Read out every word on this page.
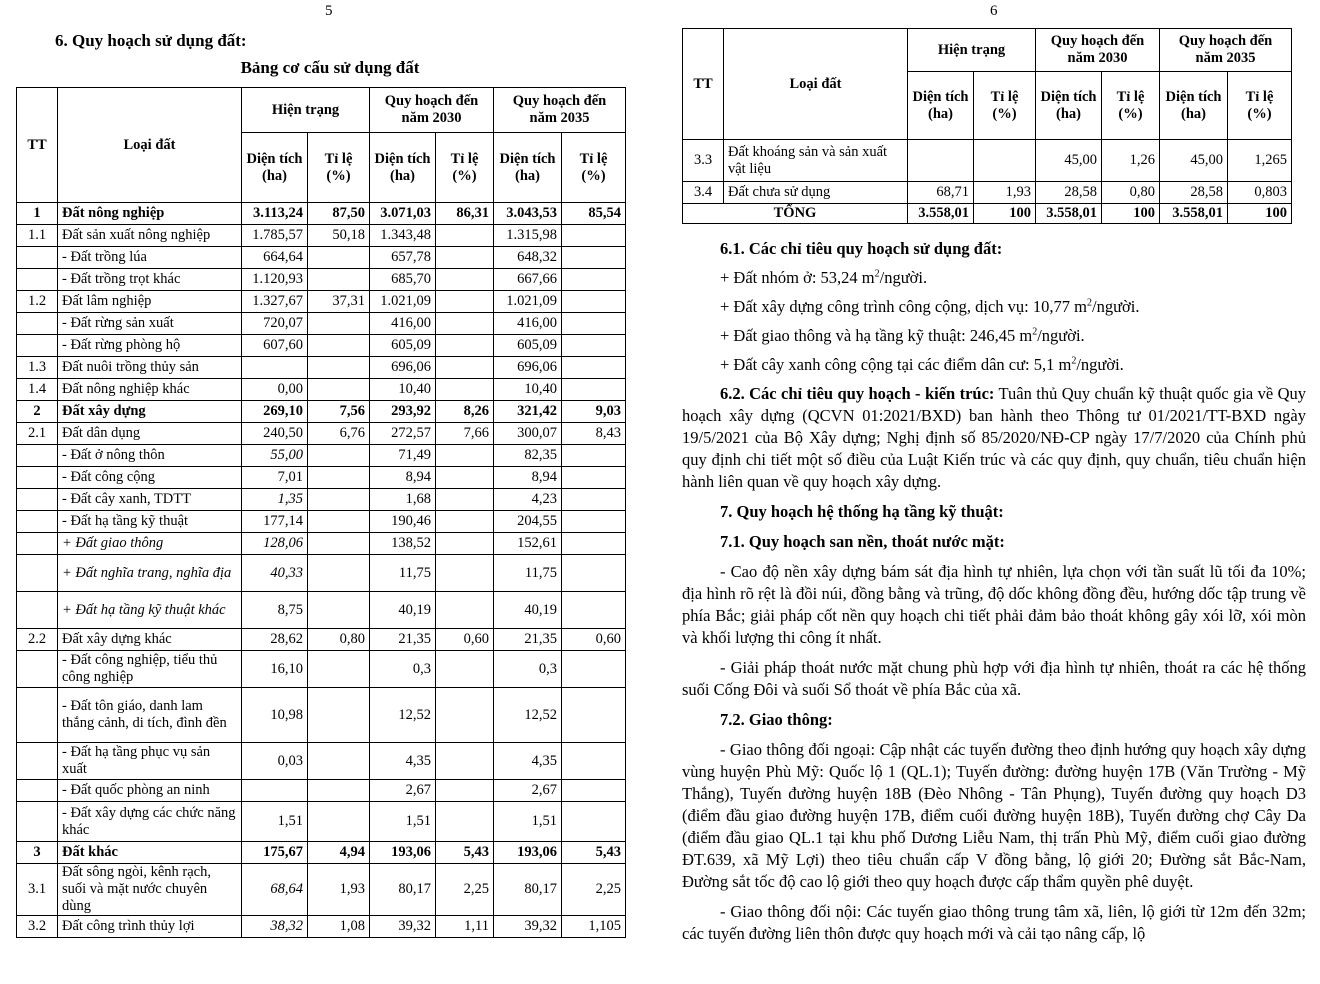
5
6. Quy hoạch sử dụng đất:
Bảng cơ cấu sử dụng đất
TT	Loại đất	Hiện trạng		Quy hoạch đến năm 2030		Quy hoạch đến năm 2035	
		Diện tích (ha)	Tỉ lệ (%)	Diện tích (ha)	Tỉ lệ (%)	Diện tích (ha)	Tỉ lệ (%)
1	Đất nông nghiệp	3.113,24	87,50	3.071,03	86,31	3.043,53	85,54
1.1	Đất sản xuất nông nghiệp	1.785,57	50,18	1.343,48		1.315,98	
	- Đất trồng lúa	664,64		657,78		648,32	
	- Đất trồng trọt khác	1.120,93		685,70		667,66	
1.2	Đất lâm nghiệp	1.327,67	37,31	1.021,09		1.021,09	
	- Đất rừng sản xuất	720,07		416,00		416,00	
	- Đất rừng phòng hộ	607,60		605,09		605,09	
1.3	Đất nuôi trồng thủy sản			696,06		696,06	
1.4	Đất nông nghiệp khác	0,00		10,40		10,40	
2	Đất xây dựng	269,10	7,56	293,92	8,26	321,42	9,03
2.1	Đất dân dụng	240,50	6,76	272,57	7,66	300,07	8,43
	- Đất ở nông thôn	55,00		71,49		82,35	
	- Đất công cộng	7,01		8,94		8,94	
	- Đất cây xanh, TDTT	1,35		1,68		4,23	
	- Đất hạ tầng kỹ thuật	177,14		190,46		204,55	
	+ Đất giao thông	128,06		138,52		152,61	
	+ Đất nghĩa trang, nghĩa địa	40,33		11,75		11,75	
	+ Đất hạ tầng kỹ thuật khác	8,75		40,19		40,19	
2.2	Đất xây dựng khác	28,62	0,80	21,35	0,60	21,35	0,60
	- Đất công nghiệp, tiểu thủ công nghiệp	16,10		0,3		0,3	
	- Đất tôn giáo, danh lam thắng cảnh, di tích, đình đền	10,98		12,52		12,52	
	- Đất hạ tầng phục vụ sản xuất	0,03		4,35		4,35	
	- Đất quốc phòng an ninh			2,67		2,67	
	- Đất xây dựng các chức năng khác	1,51		1,51		1,51	
3	Đất khác	175,67	4,94	193,06	5,43	193,06	5,43
3.1	Đất sông ngòi, kênh rạch, suối và mặt nước chuyên dùng	68,64	1,93	80,17	2,25	80,17	2,25
3.2	Đất công trình thủy lợi	38,32	1,08	39,32	1,11	39,32	1,105
6
TT	Loại đất	Hiện trạng		Quy hoạch đến năm 2030		Quy hoạch đến năm 2035	
		Diện tích (ha)	Tỉ lệ (%)	Diện tích (ha)	Tỉ lệ (%)	Diện tích (ha)	Tỉ lệ (%)
3.3	Đất khoáng sản và sản xuất vật liệu			45,00	1,26	45,00	1,265
3.4	Đất chưa sử dụng	68,71	1,93	28,58	0,80	28,58	0,803
TỔNG		3.558,01	100	3.558,01	100	3.558,01	100

6.1. Các chỉ tiêu quy hoạch sử dụng đất:

+ Đất nhóm ở: 53,24 $m^2$/người.

+ Đất xây dựng công trình công cộng, dịch vụ: 10,77 $m^2$/người.

+ Đất giao thông và hạ tầng kỹ thuật: 246,45 $m^2$/người.

+ Đất cây xanh công cộng tại các điểm dân cư: 5,1 $m^2$/người.

6.2. Các chỉ tiêu quy hoạch - kiến trúc: Tuân thủ Quy chuẩn kỹ thuật quốc gia về Quy hoạch xây dựng (QCVN 01:2021/BXD) ban hành theo Thông tư 01/2021/TT-BXD ngày 19/5/2021 của Bộ Xây dựng; Nghị định số 85/2020/NĐ-CP ngày 17/7/2020 của Chính phủ quy định chi tiết một số điều của Luật Kiến trúc và các quy định, quy chuẩn, tiêu chuẩn hiện hành liên quan về quy hoạch xây dựng.

7. Quy hoạch hệ thống hạ tầng kỹ thuật:

7.1. Quy hoạch san nền, thoát nước mặt:

- Cao độ nền xây dựng bám sát địa hình tự nhiên, lựa chọn với tần suất lũ tối đa 10%; địa hình rõ rệt là đồi núi, đồng bằng và trũng, độ dốc không đồng đều, hướng dốc tập trung về phía Bắc; giải pháp cốt nền quy hoạch chi tiết phải đảm bảo thoát không gây xói lỡ, xói mòn và khối lượng thi công ít nhất.

- Giải pháp thoát nước mặt chung phù hợp với địa hình tự nhiên, thoát ra các hệ thống suối Cống Đôi và suối Sổ thoát về phía Bắc của xã.

7.2. Giao thông:

- Giao thông đối ngoại: Cập nhật các tuyến đường theo định hướng quy hoạch xây dựng vùng huyện Phù Mỹ: Quốc lộ 1 (QL.1); Tuyến đường: đường huyện 17B (Văn Trường - Mỹ Thắng), Tuyến đường huyện 18B (Đèo Nhông - Tân Phụng), Tuyến đường quy hoạch D3 (điểm đầu giao đường huyện 17B, điểm cuối đường huyện 18B), Tuyến đường chợ Cây Da (điểm đầu giao QL.1 tại khu phố Dương Liễu Nam, thị trấn Phù Mỹ, điểm cuối giao đường ĐT.639, xã Mỹ Lợi) theo tiêu chuẩn cấp V đồng bằng, lộ giới 20; Đường sắt Bắc-Nam, Đường sắt tốc độ cao lộ giới theo quy hoạch được cấp thẩm quyền phê duyệt.

- Giao thông đối nội: Các tuyến giao thông trung tâm xã, liên, lộ giới từ 12m đến 32m; các tuyến đường liên thôn được quy hoạch mới và cải tạo nâng cấp, lộ
